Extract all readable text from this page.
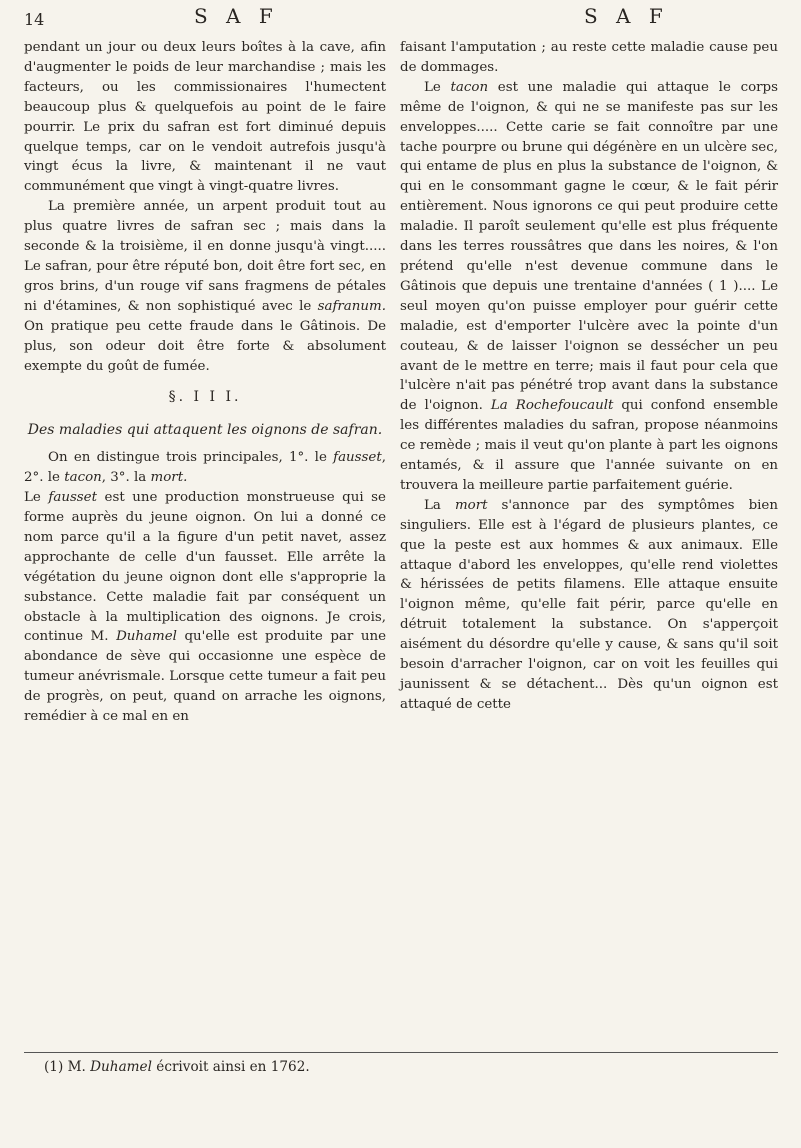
14	S A F	S A F

pendant un jour ou deux leurs boîtes à la cave, afin d'augmenter le poids de leur marchandise ; mais les facteurs, ou les commissionaires l'humectent beaucoup plus & quelquefois au point de le faire pourrir. Le prix du safran est fort diminué depuis quelque temps, car on le vendoit autrefois jusqu'à vingt écus la livre, & maintenant il ne vaut communément que vingt à vingt-quatre livres.

La première année, un arpent produit tout au plus quatre livres de safran sec ; mais dans la seconde & la troisième, il en donne jusqu'à vingt..... Le safran, pour être réputé bon, doit être fort sec, en gros brins, d'un rouge vif sans fragmens de pétales ni d'étamines, & non sophistiqué avec le safranum. On pratique peu cette fraude dans le Gâtinois. De plus, son odeur doit être forte & absolument exempte du goût de fumée.

§. I I I.
Des maladies qui attaquent les oignons de safran.

On en distingue trois principales, 1°. le fausset, 2°. le tacon, 3°. la mort.

Le fausset est une production monstrueuse qui se forme auprès du jeune oignon. On lui a donné ce nom parce qu'il a la figure d'un petit navet, assez approchante de celle d'un fausset. Elle arrête la végétation du jeune oignon dont elle s'approprie la substance. Cette maladie fait par conséquent un obstacle à la multiplication des oignons. Je crois, continue M. Duhamel qu'elle est produite par une abondance de sève qui occasionne une espèce de tumeur anévrismale. Lorsque cette tumeur a fait peu de progrès, on peut, quand on arrache les oignons, remédier à ce mal en en

faisant l'amputation ; au reste cette maladie cause peu de dommages.

Le tacon est une maladie qui attaque le corps même de l'oignon, & qui ne se manifeste pas sur les enveloppes..... Cette carie se fait connoître par une tache pourpre ou brune qui dégénère en un ulcère sec, qui entame de plus en plus la substance de l'oignon, & qui en le consommant gagne le cœur, & le fait périr entièrement. Nous ignorons ce qui peut produire cette maladie. Il paroît seulement qu'elle est plus fréquente dans les terres roussâtres que dans les noires, & l'on prétend qu'elle n'est devenue commune dans le Gâtinois que depuis une trentaine d'années ( 1 ).... Le seul moyen qu'on puisse employer pour guérir cette maladie, est d'emporter l'ulcère avec la pointe d'un couteau, & de laisser l'oignon se dessécher un peu avant de le mettre en terre; mais il faut pour cela que l'ulcère n'ait pas pénétré trop avant dans la substance de l'oignon. La Rochefoucault qui confond ensemble les différentes maladies du safran, propose néanmoins ce remède ; mais il veut qu'on plante à part les oignons entamés, & il assure que l'année suivante on en trouvera la meilleure partie parfaitement guérie.

La mort s'annonce par des symptômes bien singuliers. Elle est à l'égard de plusieurs plantes, ce que la peste est aux hommes & aux animaux. Elle attaque d'abord les enveloppes, qu'elle rend violettes & hérissées de petits filamens. Elle attaque ensuite l'oignon même, qu'elle fait périr, parce qu'elle en détruit totalement la substance. On s'apperçoit aisément du désordre qu'elle y cause, & sans qu'il soit besoin d'arracher l'oignon, car on voit les feuilles qui jaunissent & se détachent... Dès qu'un oignon est attaqué de cette

(1) M. Duhamel écrivoit ainsi en 1762.
